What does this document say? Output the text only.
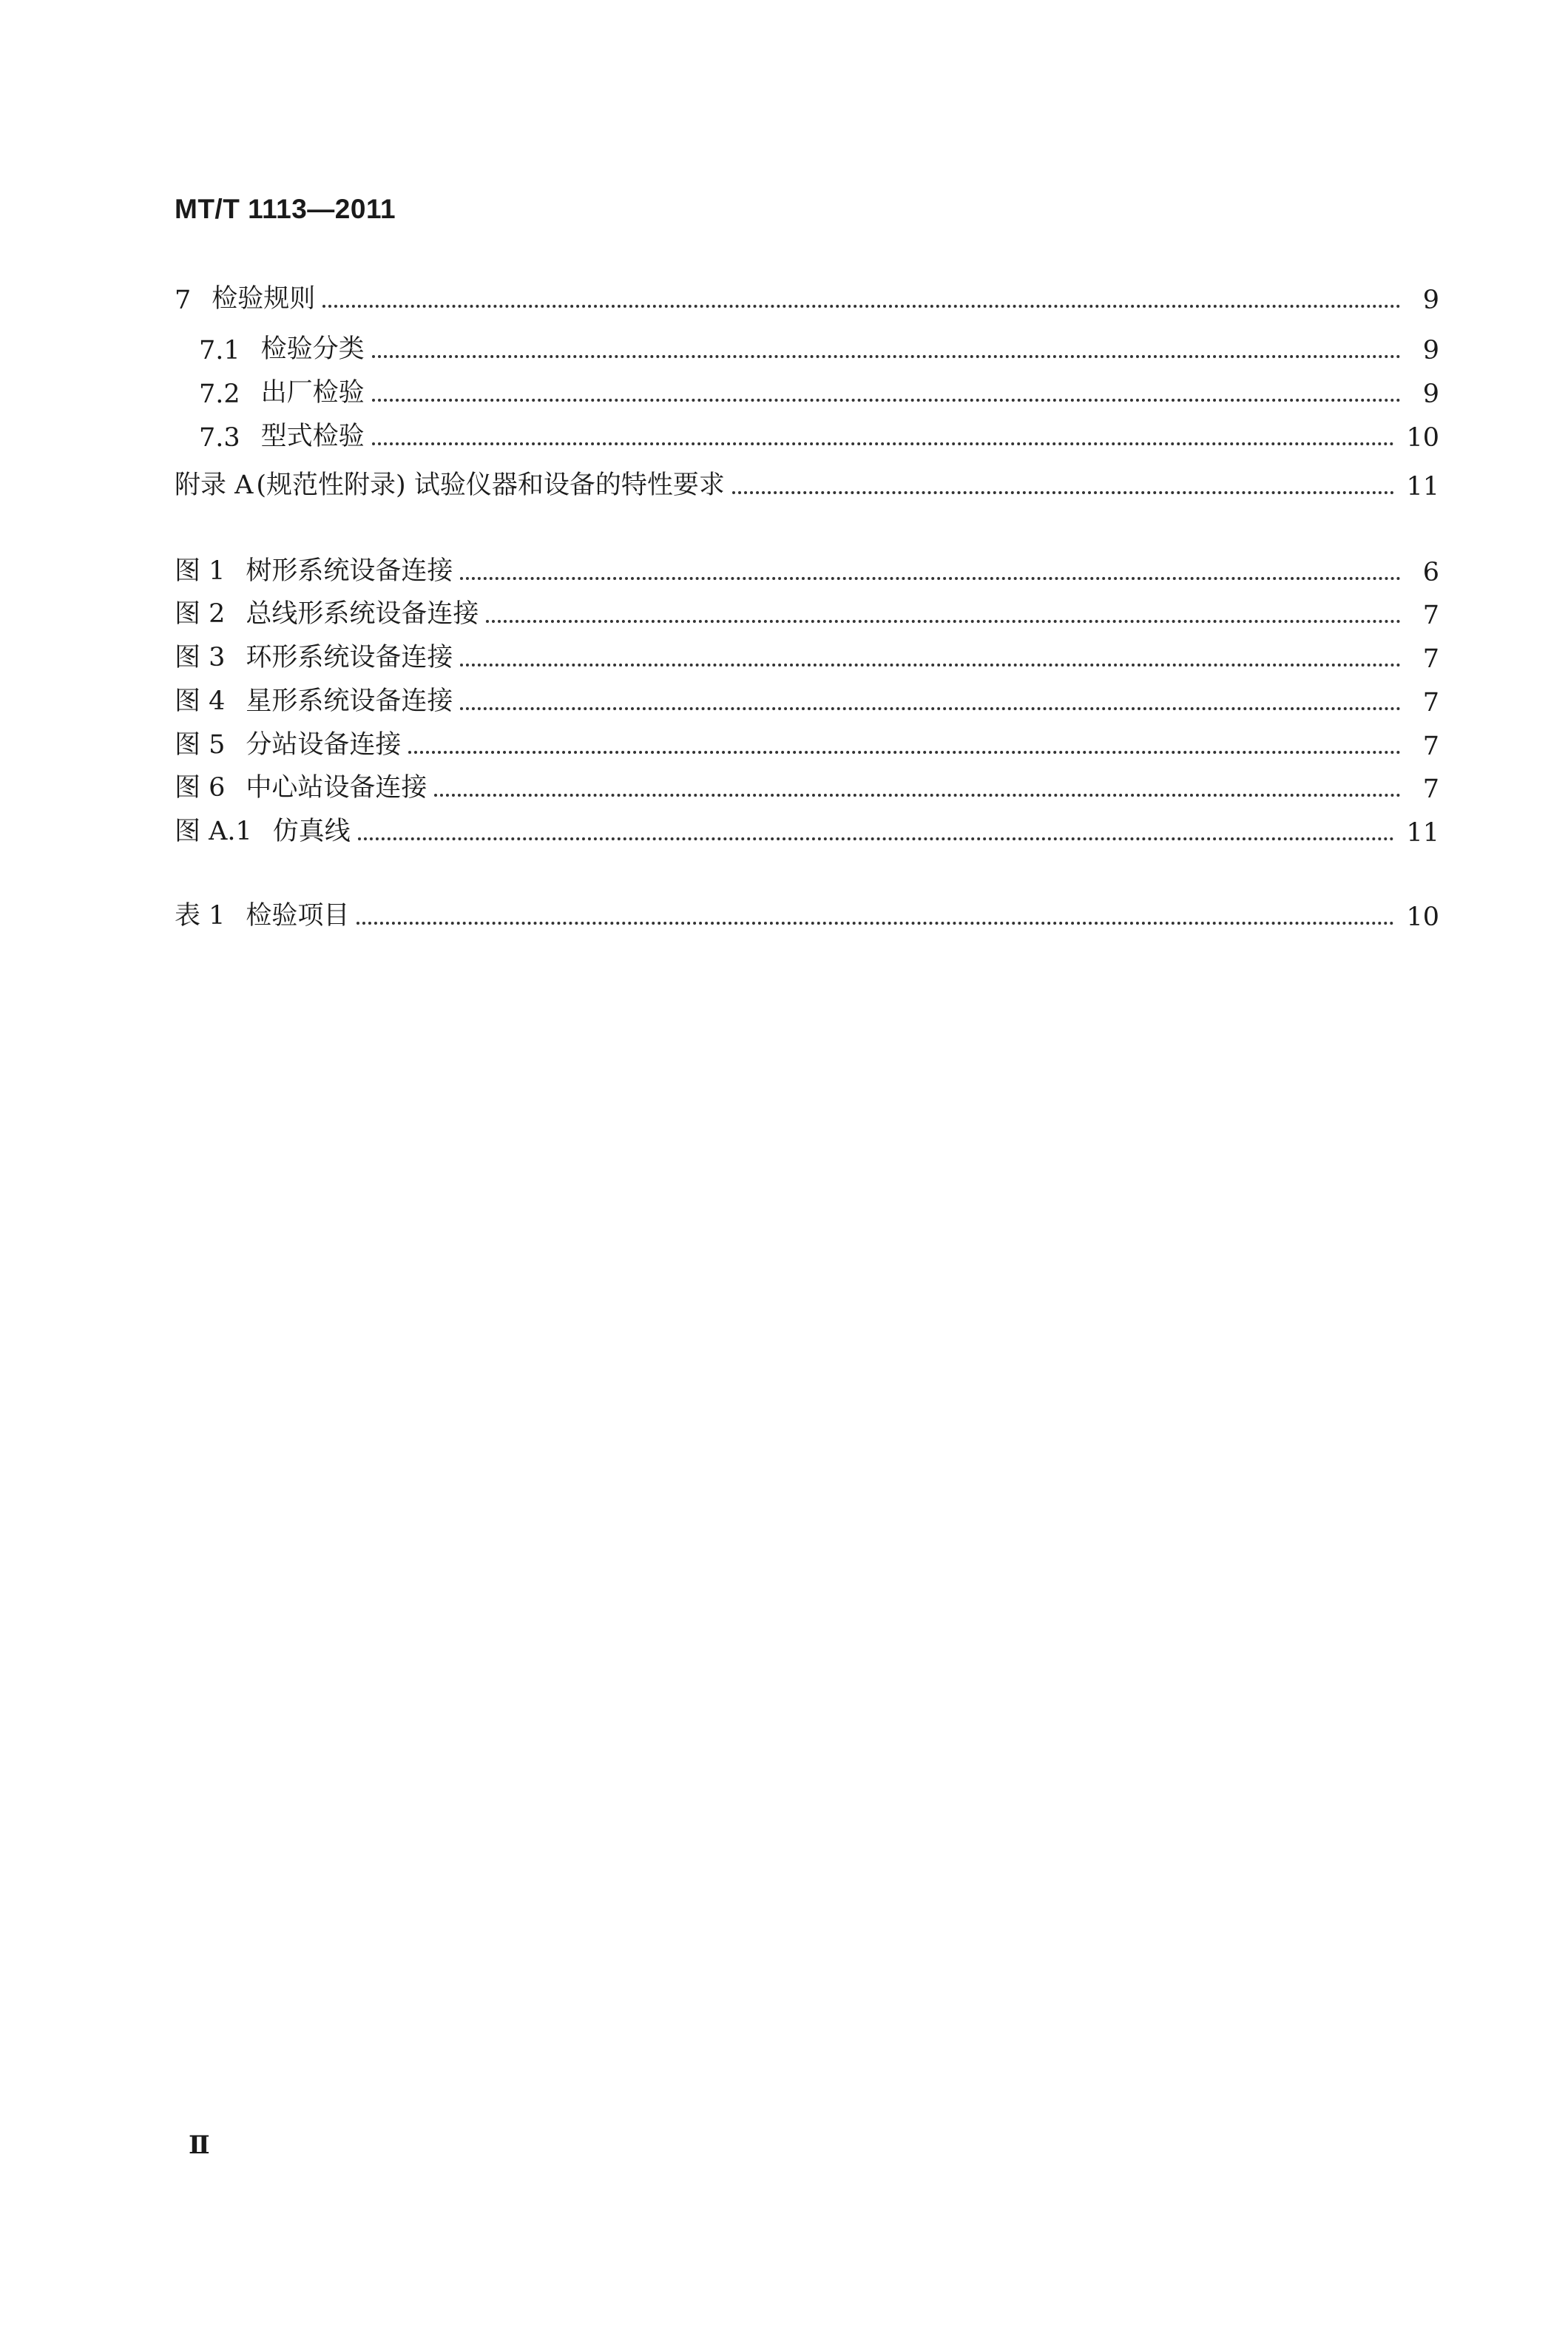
MT/T 1113—2011
7 检验规则	9
7.1 检验分类	9
7.2 出厂检验	9
7.3 型式检验	10
附录 A (规范性附录) 试验仪器和设备的特性要求	11
图 1 树形系统设备连接	6
图 2 总线形系统设备连接	7
图 3 环形系统设备连接	7
图 4 星形系统设备连接	7
图 5 分站设备连接	7
图 6 中心站设备连接	7
图 A.1 仿真线	11
表 1 检验项目	10
Ⅱ
